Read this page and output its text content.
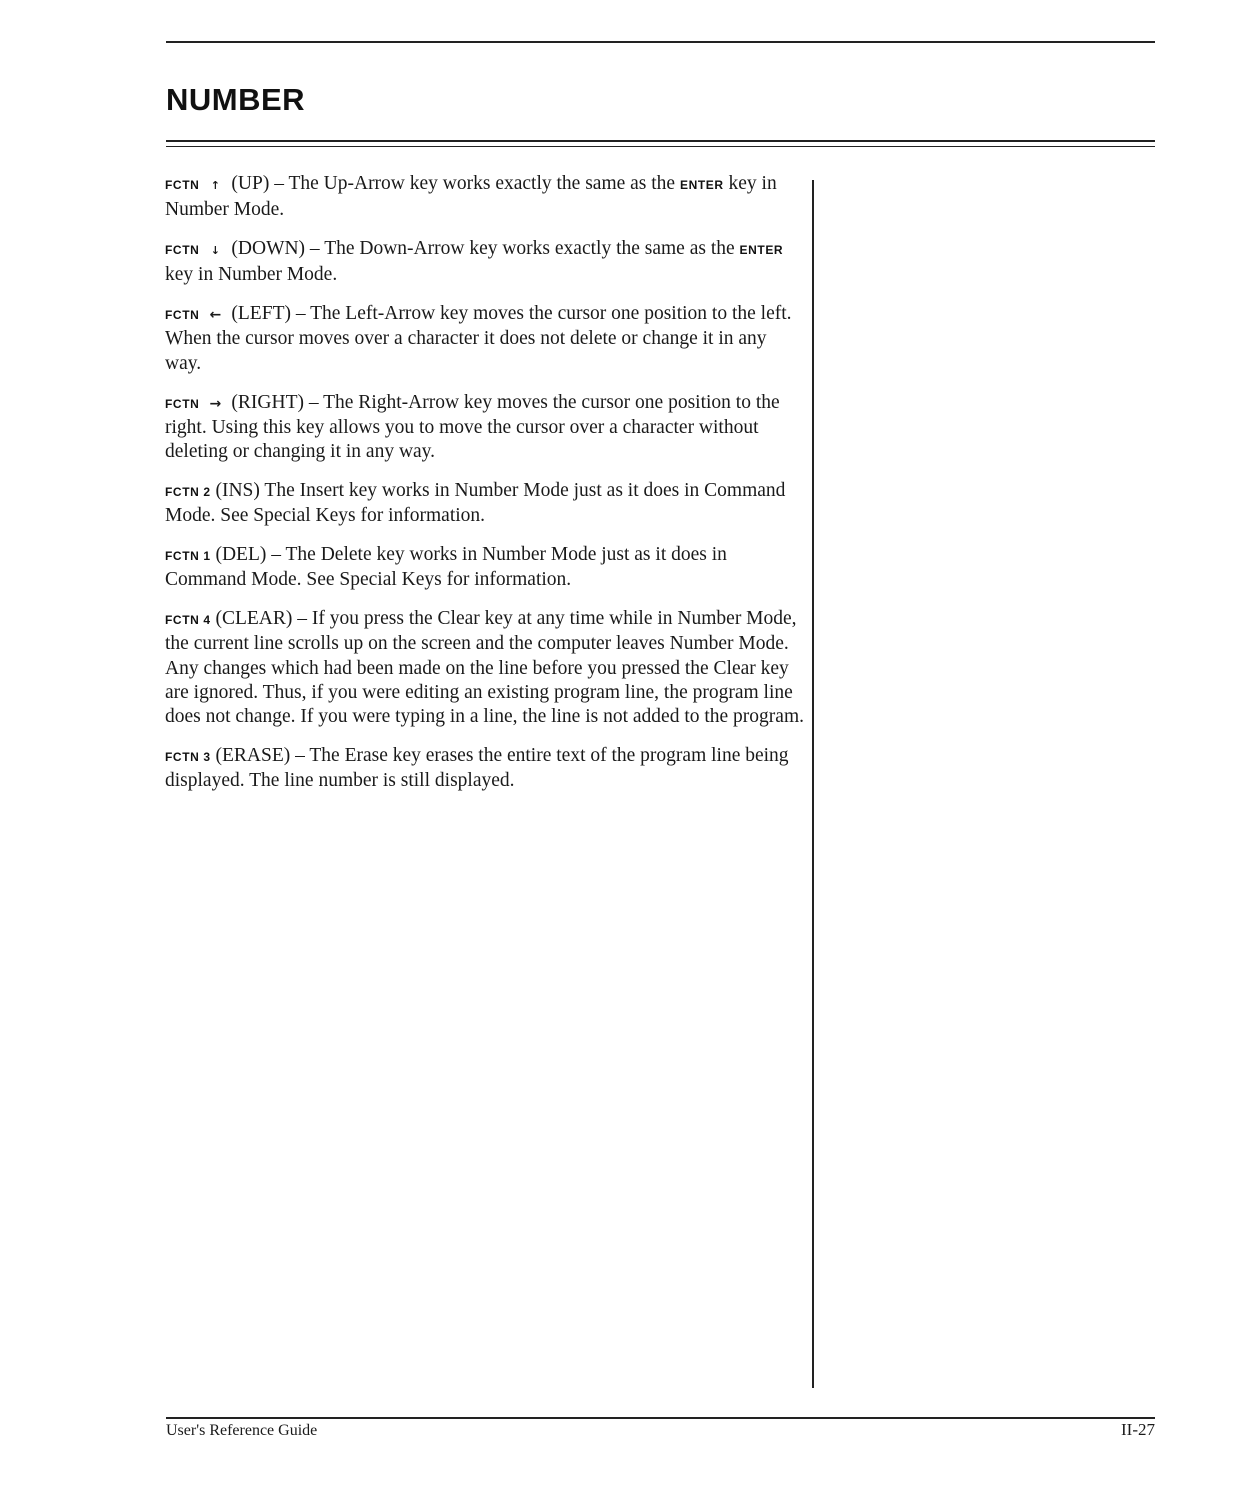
NUMBER

FCTN ↑ (UP) – The Up-Arrow key works exactly the same as the ENTER key in Number Mode.

FCTN ↓ (DOWN) – The Down-Arrow key works exactly the same as the ENTER key in Number Mode.

FCTN ← (LEFT) – The Left-Arrow key moves the cursor one position to the left. When the cursor moves over a character it does not delete or change it in any way.

FCTN → (RIGHT) – The Right-Arrow key moves the cursor one position to the right. Using this key allows you to move the cursor over a character without deleting or changing it in any way.

FCTN 2 (INS) The Insert key works in Number Mode just as it does in Command Mode. See Special Keys for information.

FCTN 1 (DEL) – The Delete key works in Number Mode just as it does in Command Mode. See Special Keys for information.

FCTN 4 (CLEAR) – If you press the Clear key at any time while in Number Mode, the current line scrolls up on the screen and the computer leaves Number Mode. Any changes which had been made on the line before you pressed the Clear key are ignored. Thus, if you were editing an existing program line, the program line does not change. If you were typing in a line, the line is not added to the program.

FCTN 3 (ERASE) – The Erase key erases the entire text of the program line being displayed. The line number is still displayed.

User's Reference Guide	II-27
